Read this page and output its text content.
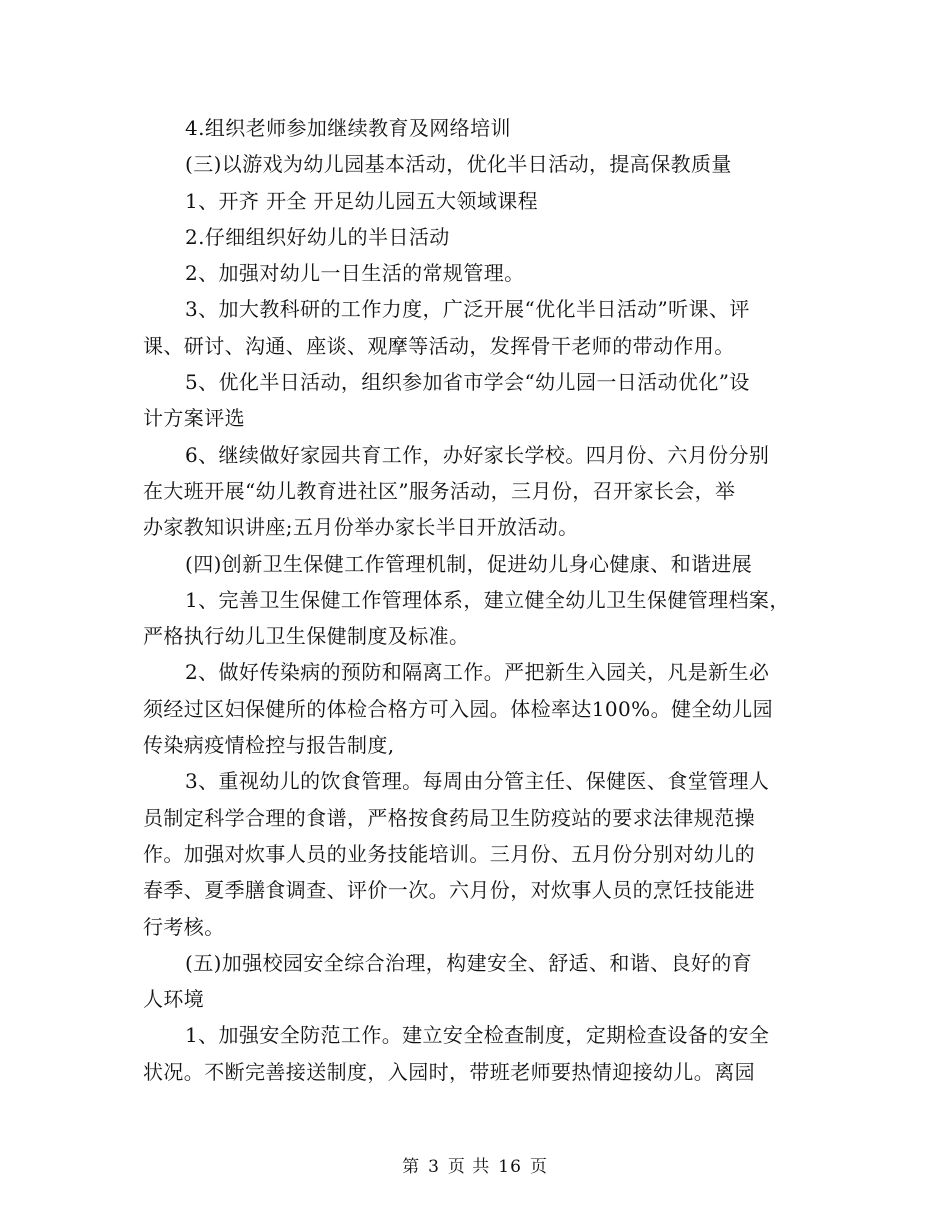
4.组织老师参加继续教育及网络培训

(三)以游戏为幼儿园基本活动，优化半日活动，提高保教质量

1、开齐 开全 开足幼儿园五大领域课程

2.仔细组织好幼儿的半日活动

2、加强对幼儿一日生活的常规管理。

3、加大教科研的工作力度，广泛开展“优化半日活动”听课、评
课、研讨、沟通、座谈、观摩等活动，发挥骨干老师的带动作用。

5、优化半日活动，组织参加省市学会“幼儿园一日活动优化”设
计方案评选

6、继续做好家园共育工作，办好家长学校。四月份、六月份分别
在大班开展“幼儿教育进社区”服务活动，三月份，召开家长会，举
办家教知识讲座;五月份举办家长半日开放活动。

(四)创新卫生保健工作管理机制，促进幼儿身心健康、和谐进展

1、完善卫生保健工作管理体系，建立健全幼儿卫生保健管理档案，
严格执行幼儿卫生保健制度及标准。

2、做好传染病的预防和隔离工作。严把新生入园关，凡是新生必
须经过区妇保健所的体检合格方可入园。体检率达100%。健全幼儿园
传染病疫情检控与报告制度,

3、重视幼儿的饮食管理。每周由分管主任、保健医、食堂管理人
员制定科学合理的食谱，严格按食药局卫生防疫站的要求法律规范操
作。加强对炊事人员的业务技能培训。三月份、五月份分别对幼儿的
春季、夏季膳食调查、评价一次。六月份，对炊事人员的烹饪技能进
行考核。

(五)加强校园安全综合治理，构建安全、舒适、和谐、良好的育
人环境

1、加强安全防范工作。建立安全检查制度，定期检查设备的安全
状况。不断完善接送制度，入园时，带班老师要热情迎接幼儿。离园

第 3 页 共 16 页
